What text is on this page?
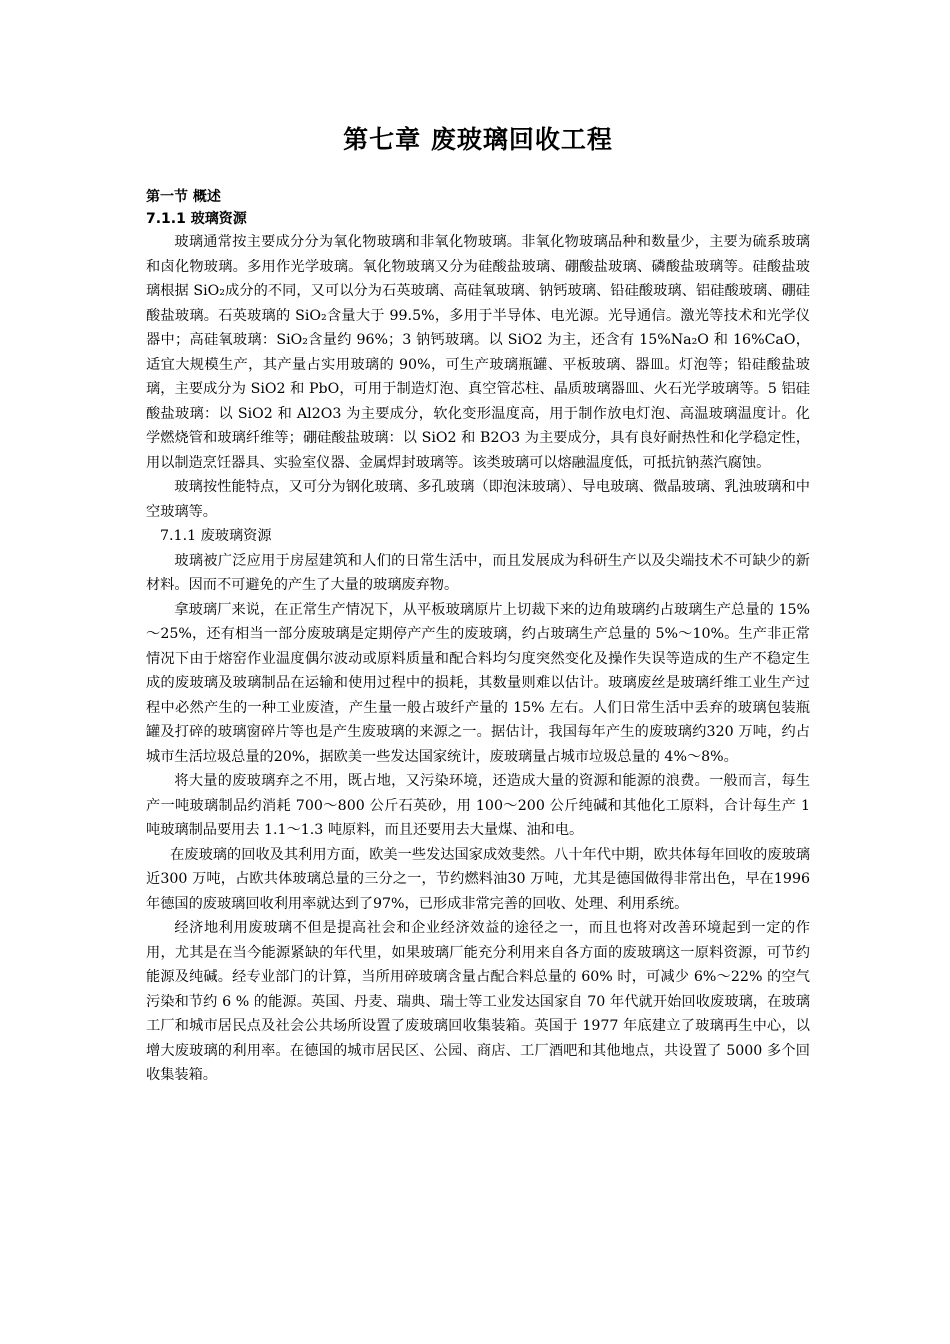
第七章 废玻璃回收工程
第一节 概述
7.1.1 玻璃资源

玻璃通常按主要成分分为氧化物玻璃和非氧化物玻璃。非氧化物玻璃品种和数量少，主要为硫系玻璃和卤化物玻璃。多用作光学玻璃。氧化物玻璃又分为硅酸盐玻璃、硼酸盐玻璃、磷酸盐玻璃等。硅酸盐玻璃根据 SiO₂成分的不同，又可以分为石英玻璃、高硅氧玻璃、钠钙玻璃、铅硅酸玻璃、铝硅酸玻璃、硼硅酸盐玻璃。石英玻璃的 SiO₂含量大于 99.5%，多用于半导体、电光源。光导通信。激光等技术和光学仪器中；高硅氧玻璃：SiO₂含量约 96%；3 钠钙玻璃。以 SiO2 为主，还含有 15%Na₂O 和 16%CaO，适宜大规模生产，其产量占实用玻璃的 90%，可生产玻璃瓶罐、平板玻璃、器皿。灯泡等；铅硅酸盐玻璃，主要成分为 SiO2 和 PbO，可用于制造灯泡、真空管芯柱、晶质玻璃器皿、火石光学玻璃等。5 铝硅酸盐玻璃：以 SiO2 和 Al2O3 为主要成分，软化变形温度高，用于制作放电灯泡、高温玻璃温度计。化学燃烧管和玻璃纤维等；硼硅酸盐玻璃：以 SiO2 和 B2O3 为主要成分，具有良好耐热性和化学稳定性，用以制造烹饪器具、实验室仪器、金属焊封玻璃等。该类玻璃可以熔融温度低，可抵抗钠蒸汽腐蚀。

玻璃按性能特点，又可分为钢化玻璃、多孔玻璃（即泡沫玻璃）、导电玻璃、微晶玻璃、乳浊玻璃和中空玻璃等。

7.1.1 废玻璃资源

玻璃被广泛应用于房屋建筑和人们的日常生活中，而且发展成为科研生产以及尖端技术不可缺少的新材料。因而不可避免的产生了大量的玻璃废弃物。

拿玻璃厂来说，在正常生产情况下，从平板玻璃原片上切裁下来的边角玻璃约占玻璃生产总量的 15%～25%，还有相当一部分废玻璃是定期停产产生的废玻璃，约占玻璃生产总量的 5%～10%。生产非正常情况下由于熔窑作业温度偶尔波动或原料质量和配合料均匀度突然变化及操作失误等造成的生产不稳定生成的废玻璃及玻璃制品在运输和使用过程中的损耗，其数量则难以估计。玻璃废丝是玻璃纤维工业生产过程中必然产生的一种工业废渣，产生量一般占玻纤产量的 15% 左右。人们日常生活中丢弃的玻璃包装瓶罐及打碎的玻璃窗碎片等也是产生废玻璃的来源之一。据估计，我国每年产生的废玻璃约320 万吨，约占城市生活垃圾总量的20%，据欧美一些发达国家统计，废玻璃量占城市垃圾总量的 4%～8%。

将大量的废玻璃弃之不用，既占地，又污染环境，还造成大量的资源和能源的浪费。一般而言，每生产一吨玻璃制品约消耗 700～800 公斤石英砂，用 100～200 公斤纯碱和其他化工原料，合计每生产 1 吨玻璃制品要用去 1.1～1.3 吨原料，而且还要用去大量煤、油和电。

在废玻璃的回收及其利用方面，欧美一些发达国家成效斐然。八十年代中期，欧共体每年回收的废玻璃近300 万吨，占欧共体玻璃总量的三分之一，节约燃料油30 万吨，尤其是德国做得非常出色，早在1996 年德国的废玻璃回收利用率就达到了97%，已形成非常完善的回收、处理、利用系统。

经济地利用废玻璃不但是提高社会和企业经济效益的途径之一，而且也将对改善环境起到一定的作用，尤其是在当今能源紧缺的年代里，如果玻璃厂能充分利用来自各方面的废玻璃这一原料资源，可节约能源及纯碱。经专业部门的计算，当所用碎玻璃含量占配合料总量的 60% 时，可减少 6%～22% 的空气污染和节约 6 % 的能源。英国、丹麦、瑞典、瑞士等工业发达国家自 70 年代就开始回收废玻璃，在玻璃工厂和城市居民点及社会公共场所设置了废玻璃回收集装箱。英国于 1977 年底建立了玻璃再生中心，以增大废玻璃的利用率。在德国的城市居民区、公园、商店、工厂酒吧和其他地点，共设置了 5000 多个回收集装箱。
